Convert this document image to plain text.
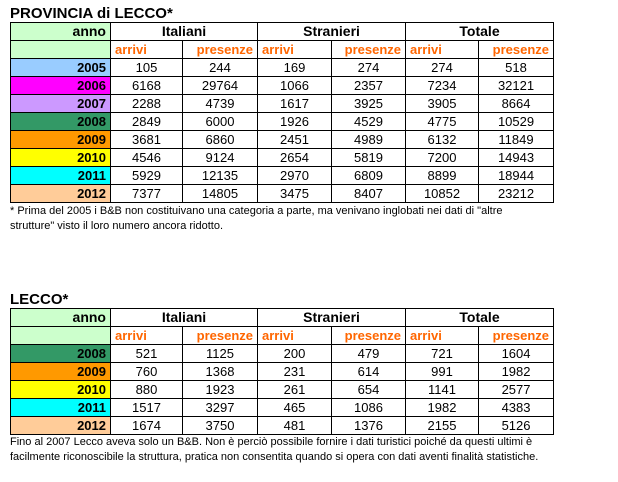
PROVINCIA di LECCO*
anno	Italiani		Stranieri		Totale	
	arrivi	presenze	arrivi	presenze	arrivi	presenze
2005	105	244	169	274	274	518
2006	6168	29764	1066	2357	7234	32121
2007	2288	4739	1617	3925	3905	8664
2008	2849	6000	1926	4529	4775	10529
2009	3681	6860	2451	4989	6132	11849
2010	4546	9124	2654	5819	7200	14943
2011	5929	12135	2970	6809	8899	18944
2012	7377	14805	3475	8407	10852	23212
* Prima del 2005 i B&B non costituivano una categoria a parte, ma venivano inglobati nei dati di "altre
strutture" visto il loro numero ancora ridotto.
LECCO*
anno	Italiani		Stranieri		Totale	
	arrivi	presenze	arrivi	presenze	arrivi	presenze
2008	521	1125	200	479	721	1604
2009	760	1368	231	614	991	1982
2010	880	1923	261	654	1141	2577
2011	1517	3297	465	1086	1982	4383
2012	1674	3750	481	1376	2155	5126
Fino al 2007 Lecco aveva solo un B&B. Non è perciò possibile fornire i dati turistici poiché da questi ultimi è
facilmente riconoscibile la struttura, pratica non consentita quando si opera con dati aventi finalità statistiche.
